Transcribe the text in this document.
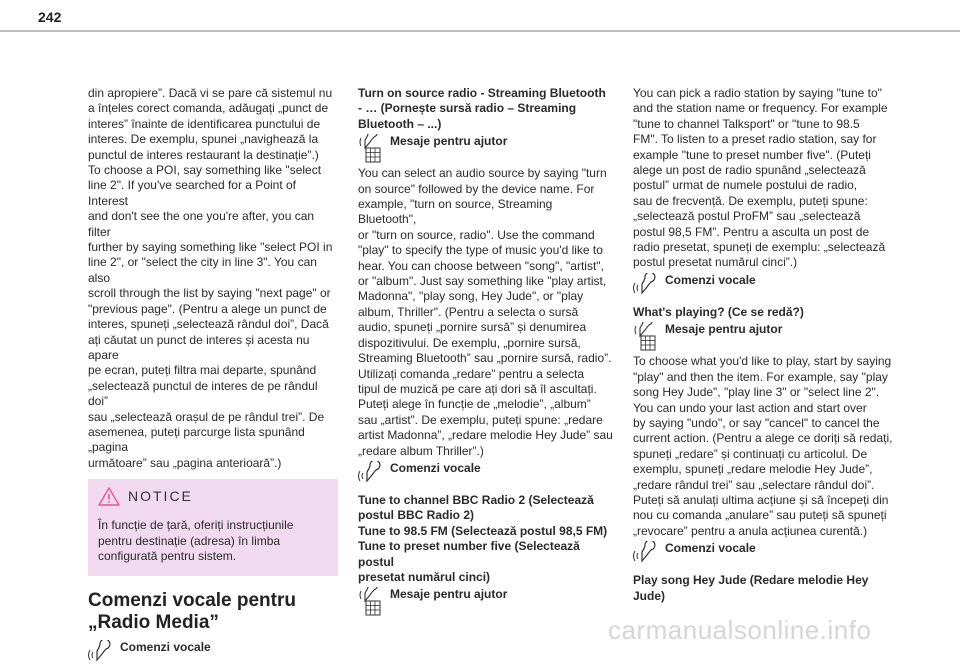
242

din apropiere”. Dacă vi se pare că sistemul nu
a înțeles corect comanda, adăugați „punct de
interes” înainte de identificarea punctului de
interes. De exemplu, spunei „navighează la
punctul de interes restaurant la destinație”.)
To choose a POI, say something like "select
line 2". If you've searched for a Point of Interest
and don't see the one you're after, you can filter
further by saying something like "select POI in
line 2", or "select the city in line 3". You can also
scroll through the list by saying "next page" or
"previous page". (Pentru a alege un punct de
interes, spuneți „selectează rândul doi”, Dacă
ați căutat un punct de interes și acesta nu apare
pe ecran, puteți filtra mai departe, spunând
„selectează punctul de interes de pe rândul doi”
sau „selectează orașul de pe rândul trei”. De
asemenea, puteți parcurge lista spunând „pagina
următoare” sau „pagina anterioară”.)

NOTICE
În funcție de țară, oferiți instrucțiunile pentru destinație (adresa) în limba configurată pentru sistem.
Comenzi vocale pentru
„Radio Media”
Comenzi vocale

Turn on source radio - Streaming Bluetooth
- … (Pornește sursă radio – Streaming
Bluetooth – ...)

Mesaje pentru ajutor

You can select an audio source by saying "turn
on source" followed by the device name. For
example, "turn on source, Streaming Bluetooth",
or "turn on source, radio". Use the command
"play" to specify the type of music you'd like to
hear. You can choose between "song", "artist",
or "album". Just say something like "play artist,
Madonna", "play song, Hey Jude", or "play
album, Thriller". (Pentru a selecta o sursă
audio, spuneți „pornire sursă” și denumirea
dispozitivului. De exemplu, „pornire sursă,
Streaming Bluetooth” sau „pornire sursă, radio”.
Utilizați comanda „redare” pentru a selecta
tipul de muzică pe care ați dori să îl ascultați.
Puteți alege în funcție de „melodie”, „album”
sau „artist”. De exemplu, puteți spune: „redare
artist Madonna”, „redare melodie Hey Jude” sau
„redare album Thriller”.)

Comenzi vocale

Tune to channel BBC Radio 2 (Selectează
postul BBC Radio 2)
Tune to 98.5 FM (Selectează postul 98,5 FM)
Tune to preset number five (Selectează postul
presetat numărul cinci)

Mesaje pentru ajutor

You can pick a radio station by saying "tune to"
and the station name or frequency. For example
"tune to channel Talksport" or "tune to 98.5
FM". To listen to a preset radio station, say for
example "tune to preset number five". (Puteți
alege un post de radio spunând „selectează
postul” urmat de numele postului de radio,
sau de frecvență. De exemplu, puteți spune:
„selectează postul ProFM” sau „selectează
postul 98,5 FM”. Pentru a asculta un post de
radio presetat, spuneți de exemplu: „selectează
postul presetat numărul cinci”.)

Comenzi vocale

What's playing? (Ce se redă?)

Mesaje pentru ajutor

To choose what you'd like to play, start by saying
"play" and then the item. For example, say "play
song Hey Jude", "play line 3" or "select line 2".
You can undo your last action and start over
by saying "undo", or say "cancel" to cancel the
current action. (Pentru a alege ce doriți să redați,
spuneți „redare” și continuați cu articolul. De
exemplu, spuneți „redare melodie Hey Jude”,
„redare rândul trei” sau „selectare rândul doi”.
Puteți să anulați ultima acțiune și să începeți din
nou cu comanda „anulare” sau puteți să spuneți
„revocare” pentru a anula acțiunea curentă.)

Comenzi vocale

Play song Hey Jude (Redare melodie Hey
Jude)

carmanualsonline.info
